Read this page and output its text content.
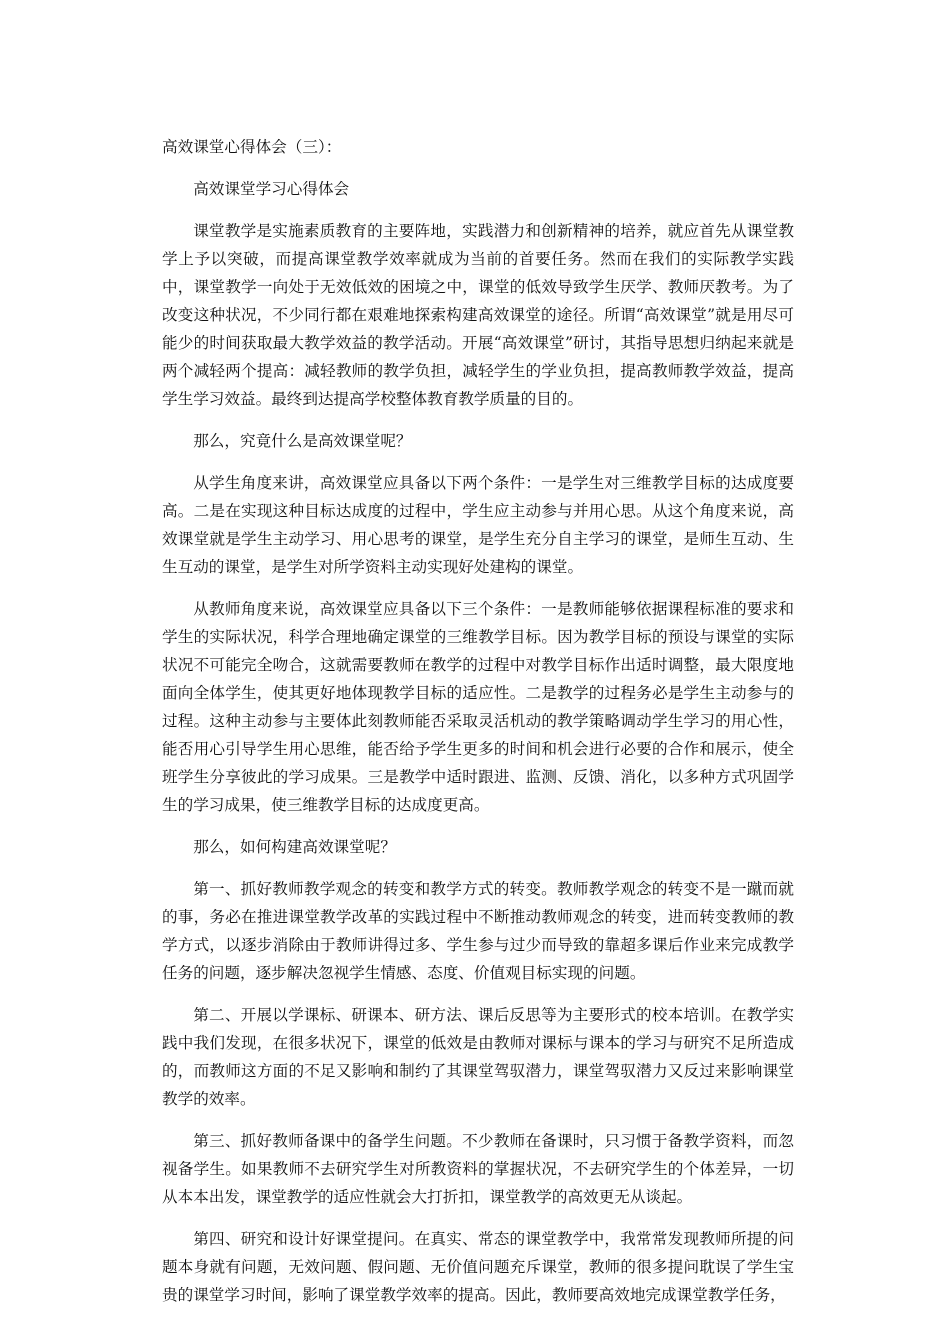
高效课堂心得体会（三）：

高效课堂学习心得体会

课堂教学是实施素质教育的主要阵地，实践潜力和创新精神的培养，就应首先从课堂教学上予以突破，而提高课堂教学效率就成为当前的首要任务。然而在我们的实际教学实践中，课堂教学一向处于无效低效的困境之中，课堂的低效导致学生厌学、教师厌教考。为了改变这种状况，不少同行都在艰难地探索构建高效课堂的途径。所谓“高效课堂”就是用尽可能少的时间获取最大教学效益的教学活动。开展“高效课堂”研讨，其指导思想归纳起来就是两个减轻两个提高：减轻教师的教学负担，减轻学生的学业负担，提高教师教学效益，提高学生学习效益。最终到达提高学校整体教育教学质量的目的。

那么，究竟什么是高效课堂呢？

从学生角度来讲，高效课堂应具备以下两个条件：一是学生对三维教学目标的达成度要高。二是在实现这种目标达成度的过程中，学生应主动参与并用心思。从这个角度来说，高效课堂就是学生主动学习、用心思考的课堂，是学生充分自主学习的课堂，是师生互动、生生互动的课堂，是学生对所学资料主动实现好处建构的课堂。

从教师角度来说，高效课堂应具备以下三个条件：一是教师能够依据课程标准的要求和学生的实际状况，科学合理地确定课堂的三维教学目标。因为教学目标的预设与课堂的实际状况不可能完全吻合，这就需要教师在教学的过程中对教学目标作出适时调整，最大限度地面向全体学生，使其更好地体现教学目标的适应性。二是教学的过程务必是学生主动参与的过程。这种主动参与主要体此刻教师能否采取灵活机动的教学策略调动学生学习的用心性，能否用心引导学生用心思维，能否给予学生更多的时间和机会进行必要的合作和展示，使全班学生分享彼此的学习成果。三是教学中适时跟进、监测、反馈、消化，以多种方式巩固学生的学习成果，使三维教学目标的达成度更高。

那么，如何构建高效课堂呢？

第一、抓好教师教学观念的转变和教学方式的转变。教师教学观念的转变不是一蹴而就的事，务必在推进课堂教学改革的实践过程中不断推动教师观念的转变，进而转变教师的教学方式，以逐步消除由于教师讲得过多、学生参与过少而导致的靠超多课后作业来完成教学任务的问题，逐步解决忽视学生情感、态度、价值观目标实现的问题。

第二、开展以学课标、研课本、研方法、课后反思等为主要形式的校本培训。在教学实践中我们发现，在很多状况下，课堂的低效是由教师对课标与课本的学习与研究不足所造成的，而教师这方面的不足又影响和制约了其课堂驾驭潜力，课堂驾驭潜力又反过来影响课堂教学的效率。

第三、抓好教师备课中的备学生问题。不少教师在备课时，只习惯于备教学资料，而忽视备学生。如果教师不去研究学生对所教资料的掌握状况，不去研究学生的个体差异，一切从本本出发，课堂教学的适应性就会大打折扣，课堂教学的高效更无从谈起。

第四、研究和设计好课堂提问。在真实、常态的课堂教学中，我常常发现教师所提的问题本身就有问题，无效问题、假问题、无价值问题充斥课堂，教师的很多提问耽误了学生宝贵的课堂学习时间，影响了课堂教学效率的提高。因此，教师要高效地完成课堂教学任务，
